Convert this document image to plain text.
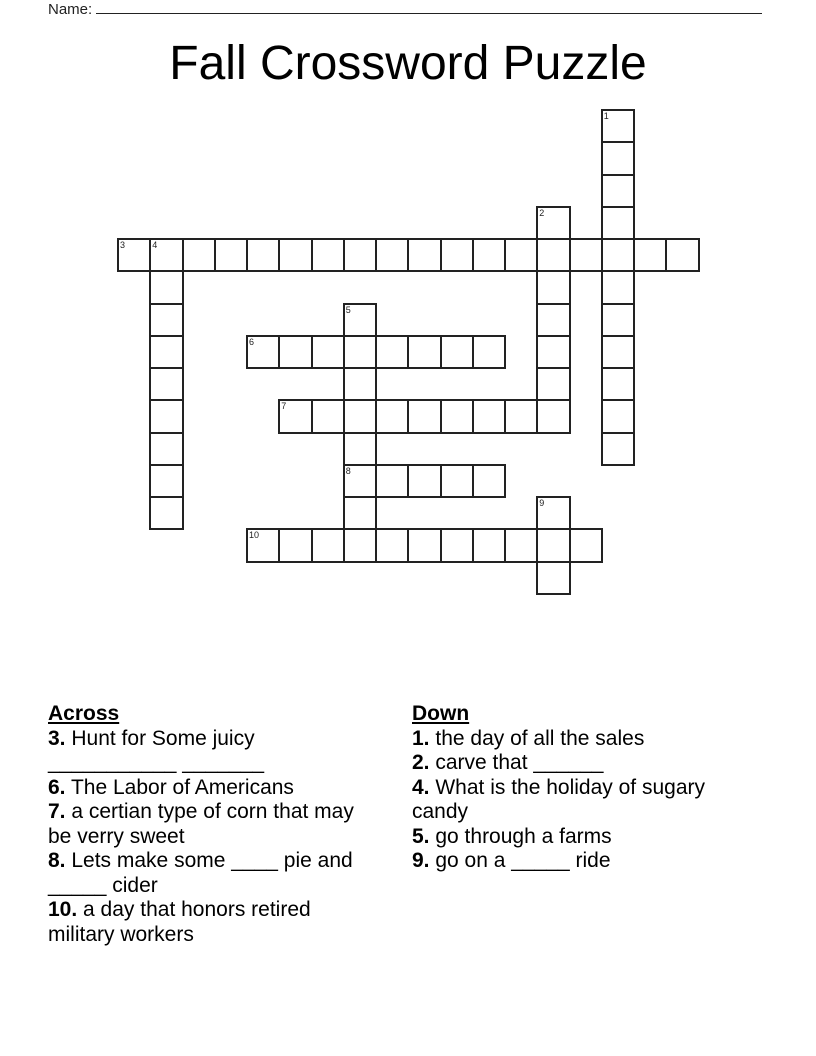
Name:
Fall Crossword Puzzle
1
2
3	4
5
8
6
7
9
10
Across
3. Hunt for Some juicy ___________ _______
6. The Labor of Americans
7. a certian type of corn that may be verry sweet
8. Lets make some ____ pie and _____ cider
10. a day that honors retired military workers
Down
1. the day of all the sales
2. carve that ______
4. What is the holiday of sugary candy
5. go through a farms
9. go on a _____ ride
